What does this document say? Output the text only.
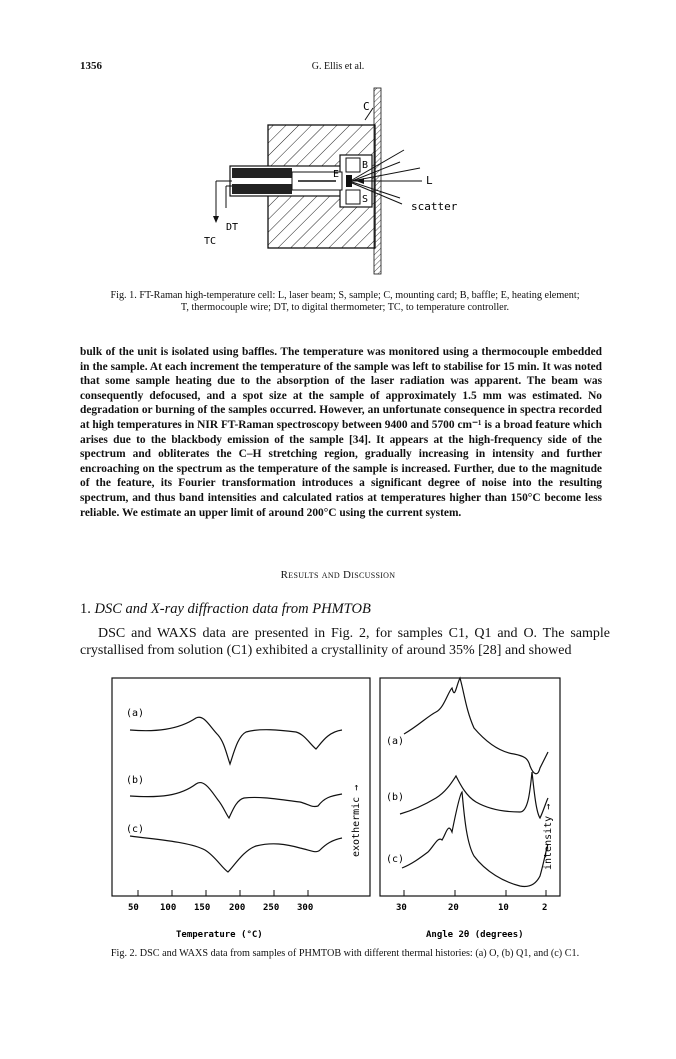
1356	G. Ellis et al.
C
B
E
S
L
scatter
DT
TC
Fig. 1. FT-Raman high-temperature cell: L, laser beam; S, sample; C, mounting card; B, baffle; E, heating element; T, thermocouple wire; DT, to digital thermometer; TC, to temperature controller.

bulk of the unit is isolated using baffles. The temperature was monitored using a thermocouple embedded in the sample. At each increment the temperature of the sample was left to stabilise for 15 min. It was noted that some sample heating due to the absorption of the laser radiation was apparent. The beam was consequently defocused, and a spot size at the sample of approximately 1.5 mm was estimated. No degradation or burning of the samples occurred. However, an unfortunate consequence in spectra recorded at high temperatures in NIR FT-Raman spectroscopy between 9400 and 5700 cm⁻¹ is a broad feature which arises due to the blackbody emission of the sample [34]. It appears at the high-frequency side of the spectrum and obliterates the C–H stretching region, gradually increasing in intensity and further encroaching on the spectrum as the temperature of the sample is increased. Further, due to the magnitude of the feature, its Fourier transformation introduces a significant degree of noise into the resulting spectrum, and thus band intensities and calculated ratios at temperatures higher than 150°C become less reliable. We estimate an upper limit of around 200°C using the current system.

Results and Discussion
1. DSC and X-ray diffraction data from PHMTOB

DSC and WAXS data are presented in Fig. 2, for samples C1, Q1 and O. The sample crystallised from solution (C1) exhibited a crystallinity of around 35% [28] and showed

(a)
(b)
(c)	exothermic →
50 100 150 200 250 300
Temperature (°C)
(a)
(b)
(c)	intensity →
30	20	10	2
Angle 2θ (degrees)
Fig. 2. DSC and WAXS data from samples of PHMTOB with different thermal histories: (a) O, (b) Q1, and (c) C1.
